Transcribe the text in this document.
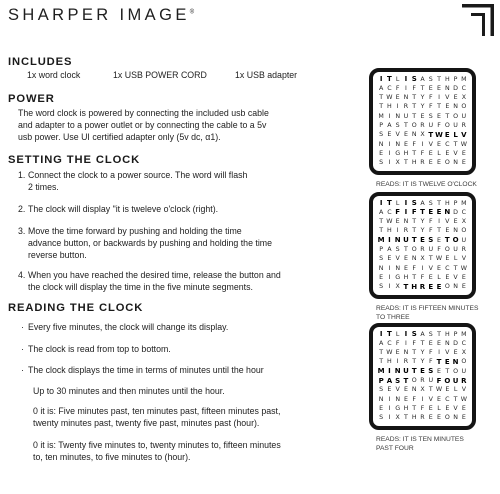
SHARPER IMAGE®
INCLUDES
1x word clock	1x USB POWER CORD	1x USB adapter
POWER
The word clock is powered by connecting the included usb cable
and adapter to a power outlet or by connecting the cable to a 5v
usb power. Use UI certified adapter only (5v dc, α1).
SETTING THE CLOCK
1. Connect the clock to a power source. The word will flash
2 times.
2. The clock will display "it is tweleve o'clock (right).
3. Move the time forward by pushing and holding the time
advance button, or backwards by pushing and holding the time
reverse button.
4. When you have reached the desired time, release the button and
the clock will display the time in the five minute segments.
READING THE CLOCK
· Every five minutes, the clock will change its display.
· The clock is read from top to bottom.
· The clock displays the time in terms of minutes until the hour
Up to 30 minutes and then minutes until the hour.
0 it is: Five minutes past, ten minutes past, fifteen minutes past,
twenty minutes past, twenty five past, minutes past (hour).
0 it is: Twenty five minutes to, twenty minutes to, fifteen minutes
to, ten minutes, to five minutes to (hour).
I T L I S A S T H P M
A C F I F T E E N D C
T W E N T Y F I V E X
T H I R T Y F T E N O
M I N U T E S E T O U
P A S T O R U F O U R
S E V E N X T W E L V
N I N E F I V E C T W
E I G H T F E L E V E
S I X T H R E E O N E
READS: IT IS TWELVE O'CLOCK
I T L I S A S T H P M
A C F I F T E E N D C
T W E N T Y F I V E X
T H I R T Y F T E N O
M I N U T E S E T O U
P A S T O R U F O U R
S E V E N X T W E L V
N I N E F I V E C T W
E I G H T F E L E V E
S I X T H R E E O N E
READS: IT IS FIFTEEN MINUTES
TO THREE
I T L I S A S T H P M
A C F I F T E E N D C
T W E N T Y F I V E X
T H I R T Y F T E N O
M I N U T E S E T O U
P A S T O R U F O U R
S E V E N X T W E L V
N I N E F I V E C T W
E I G H T F E L E V E
S I X T H R E E O N E
READS: IT IS TEN MINUTES
PAST FOUR
